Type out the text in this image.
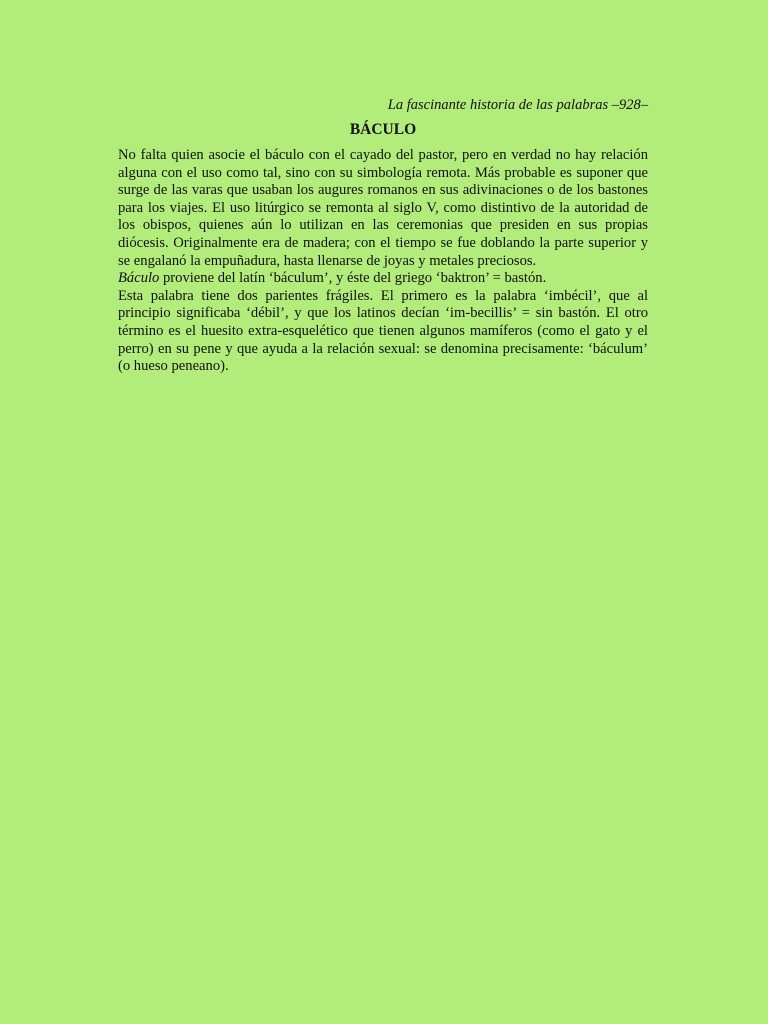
La fascinante historia de las palabras –928–

BÁCULO

No falta quien asocie el báculo con el cayado del pastor, pero en verdad no hay relación alguna con el uso como tal, sino con su simbología remota. Más probable es suponer que surge de las varas que usaban los augures romanos en sus adivinaciones o de los bastones para los viajes. El uso litúrgico se remonta al siglo V, como distintivo de la autoridad de los obispos, quienes aún lo utilizan en las ceremonias que presiden en sus propias diócesis. Originalmente era de madera; con el tiempo se fue doblando la parte superior y se engalanó la empuñadura, hasta llenarse de joyas y metales preciosos.

Báculo proviene del latín ‘báculum’, y éste del griego ‘baktron’ = bastón.

Esta palabra tiene dos parientes frágiles. El primero es la palabra ‘imbécil’, que al principio significaba ‘débil’, y que los latinos decían ‘im-becillis’ = sin bastón. El otro término es el huesito extra-esquelético que tienen algunos mamíferos (como el gato y el perro) en su pene y que ayuda a la relación sexual: se denomina precisamente: ‘báculum’ (o hueso peneano).
